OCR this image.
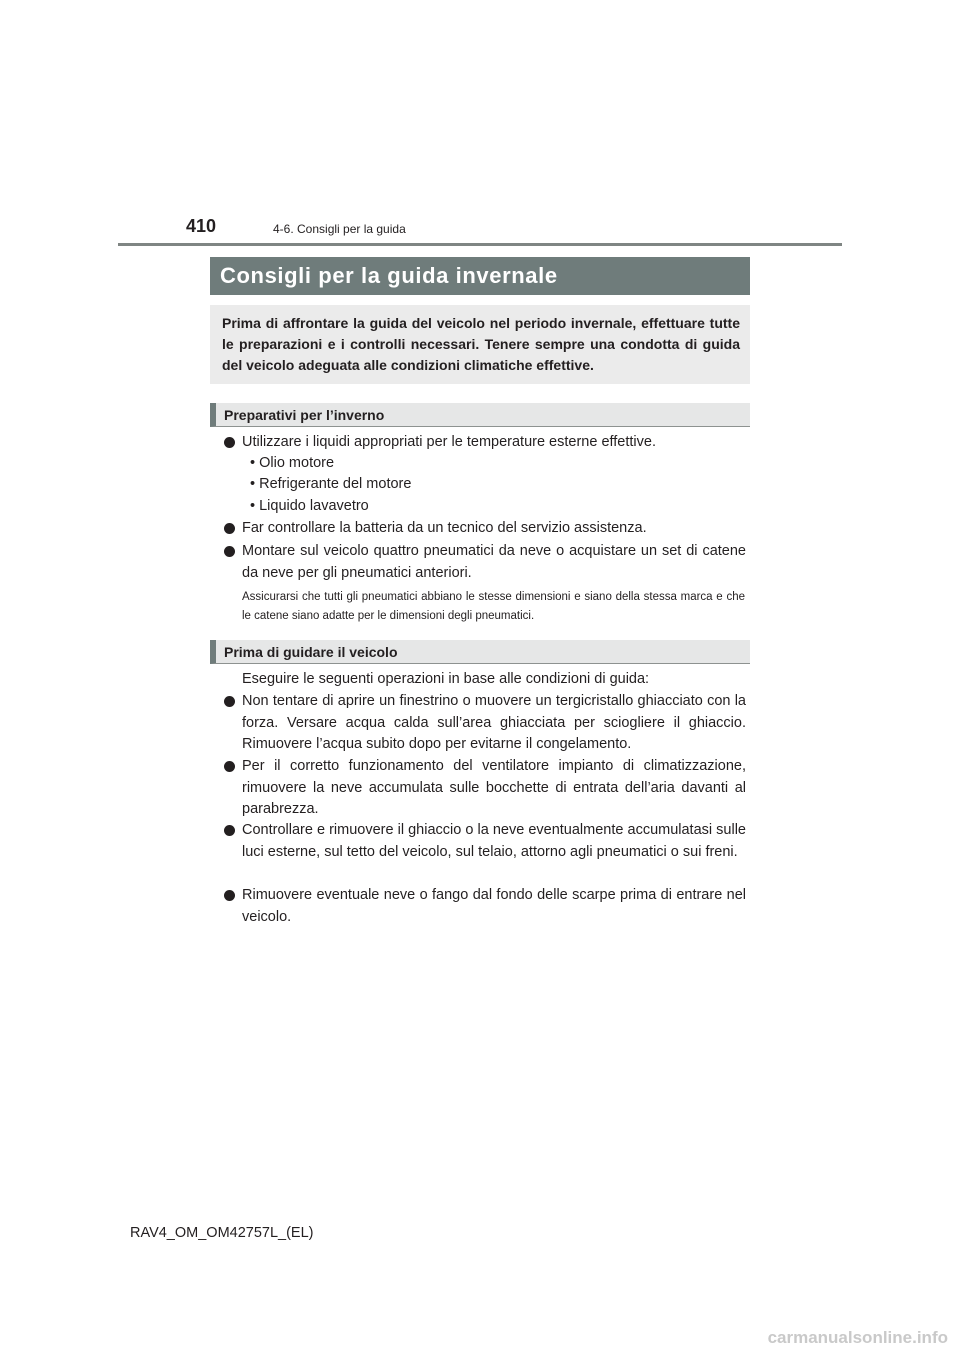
410	4-6. Consigli per la guida
Consigli per la guida invernale
Prima di affrontare la guida del veicolo nel periodo invernale, effettuare tutte le preparazioni e i controlli necessari. Tenere sempre una condotta di guida del veicolo adeguata alle condizioni climatiche effettive.
Preparativi per l’inverno
Utilizzare i liquidi appropriati per le temperature esterne effettive.
• Olio motore
• Refrigerante del motore
• Liquido lavavetro
Far controllare la batteria da un tecnico del servizio assistenza.
Montare sul veicolo quattro pneumatici da neve o acquistare un set di catene da neve per gli pneumatici anteriori.
Assicurarsi che tutti gli pneumatici abbiano le stesse dimensioni e siano della stessa marca e che le catene siano adatte per le dimensioni degli pneumatici.
Prima di guidare il veicolo
Eseguire le seguenti operazioni in base alle condizioni di guida:
Non tentare di aprire un finestrino o muovere un tergicristallo ghiacciato con la forza. Versare acqua calda sull’area ghiacciata per sciogliere il ghiaccio. Rimuovere l’acqua subito dopo per evitarne il congelamento.
Per il corretto funzionamento del ventilatore impianto di climatizzazione, rimuovere la neve accumulata sulle bocchette di entrata dell’aria davanti al parabrezza.
Controllare e rimuovere il ghiaccio o la neve eventualmente accumulatasi sulle luci esterne, sul tetto del veicolo, sul telaio, attorno agli pneumatici o sui freni.
Rimuovere eventuale neve o fango dal fondo delle scarpe prima di entrare nel veicolo.
RAV4_OM_OM42757L_(EL)
carmanualsonline.info
